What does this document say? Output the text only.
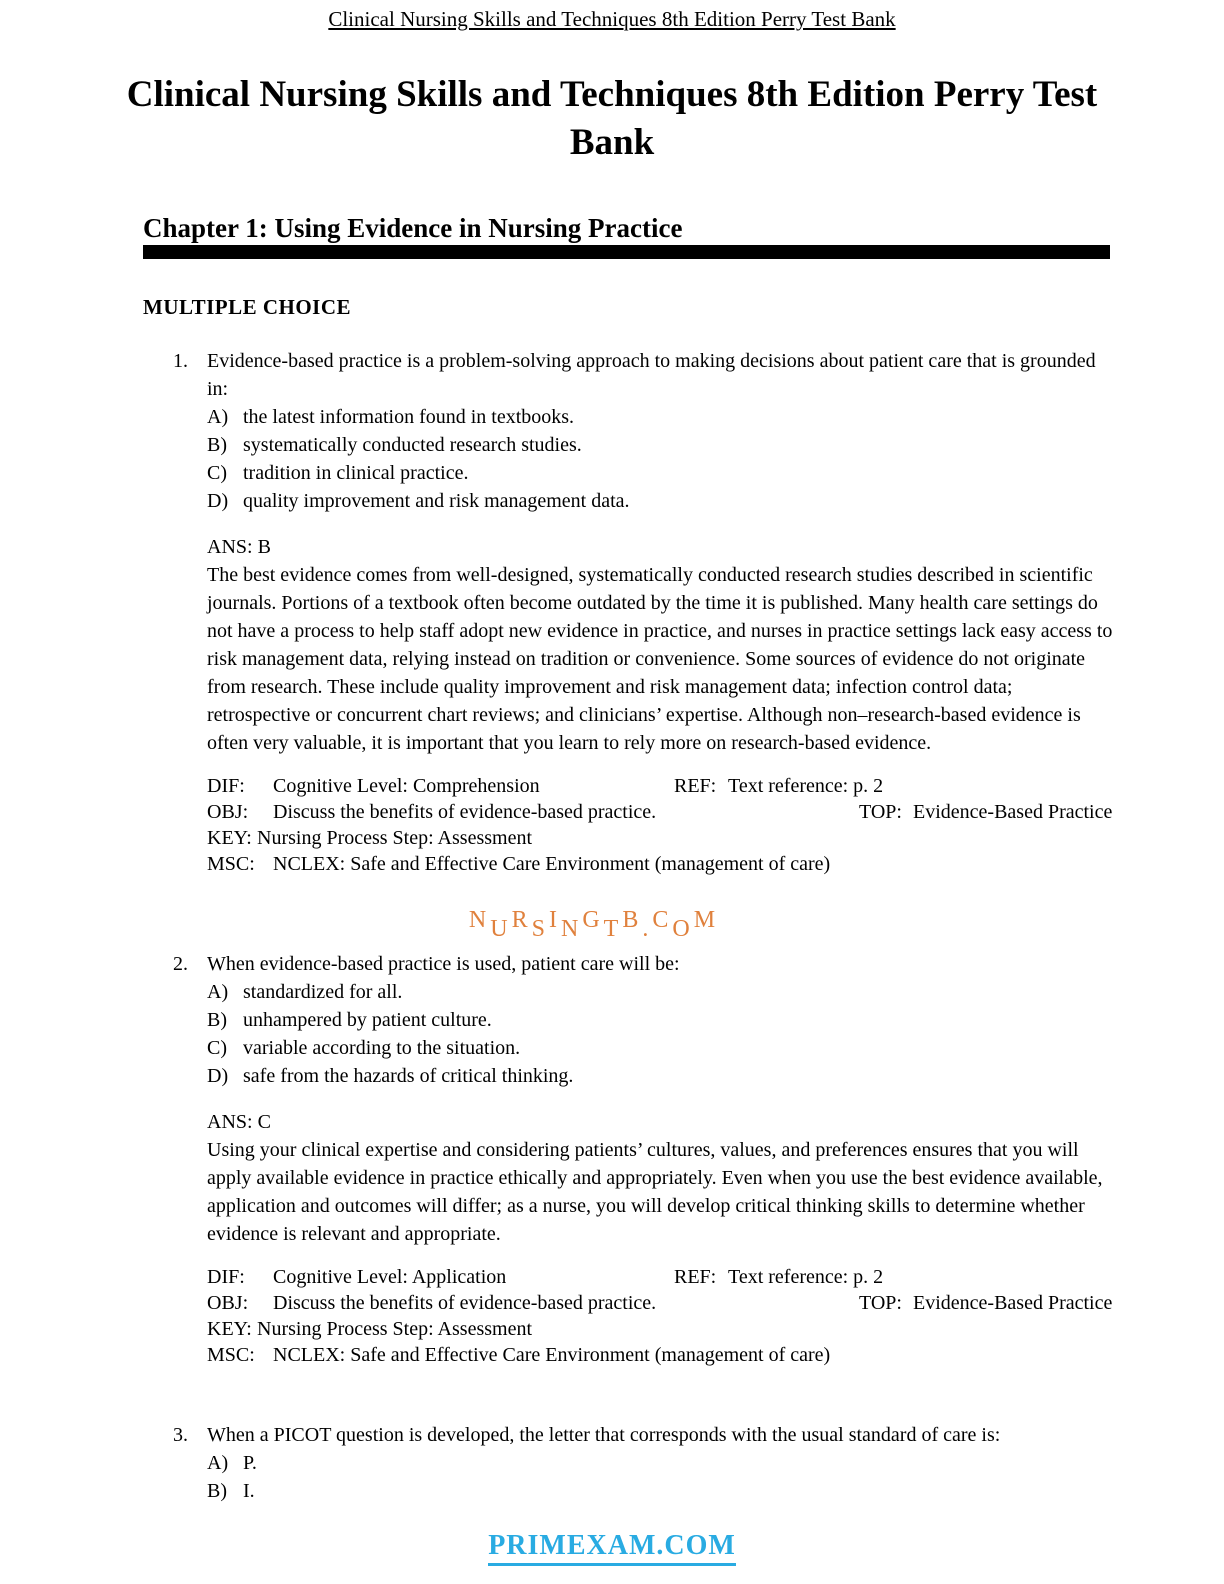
Clinical Nursing Skills and Techniques 8th Edition Perry Test Bank
Clinical Nursing Skills and Techniques 8th Edition Perry Test Bank
Chapter 1: Using Evidence in Nursing Practice
MULTIPLE CHOICE
1. Evidence-based practice is a problem-solving approach to making decisions about patient care that is grounded in:
A) the latest information found in textbooks.
B) systematically conducted research studies.
C) tradition in clinical practice.
D) quality improvement and risk management data.
ANS: B
The best evidence comes from well-designed, systematically conducted research studies described in scientific journals. Portions of a textbook often become outdated by the time it is published. Many health care settings do not have a process to help staff adopt new evidence in practice, and nurses in practice settings lack easy access to risk management data, relying instead on tradition or convenience. Some sources of evidence do not originate from research. These include quality improvement and risk management data; infection control data; retrospective or concurrent chart reviews; and clinicians’ expertise. Although non–research-based evidence is often very valuable, it is important that you learn to rely more on research-based evidence.
DIF: Cognitive Level: Comprehension	REF: Text reference: p. 2
OBJ: Discuss the benefits of evidence-based practice.	TOP: Evidence-Based Practice
KEY: Nursing Process Step: Assessment
MSC: NCLEX: Safe and Effective Care Environment (management of care)
NURSINGTB.COM
2. When evidence-based practice is used, patient care will be:
A) standardized for all.
B) unhampered by patient culture.
C) variable according to the situation.
D) safe from the hazards of critical thinking.
ANS: C
Using your clinical expertise and considering patients’ cultures, values, and preferences ensures that you will apply available evidence in practice ethically and appropriately. Even when you use the best evidence available, application and outcomes will differ; as a nurse, you will develop critical thinking skills to determine whether evidence is relevant and appropriate.
DIF: Cognitive Level: Application	REF: Text reference: p. 2
OBJ: Discuss the benefits of evidence-based practice.	TOP: Evidence-Based Practice
KEY: Nursing Process Step: Assessment
MSC: NCLEX: Safe and Effective Care Environment (management of care)
3. When a PICOT question is developed, the letter that corresponds with the usual standard of care is:
A) P.
B) I.
PRIMEXAM.COM
